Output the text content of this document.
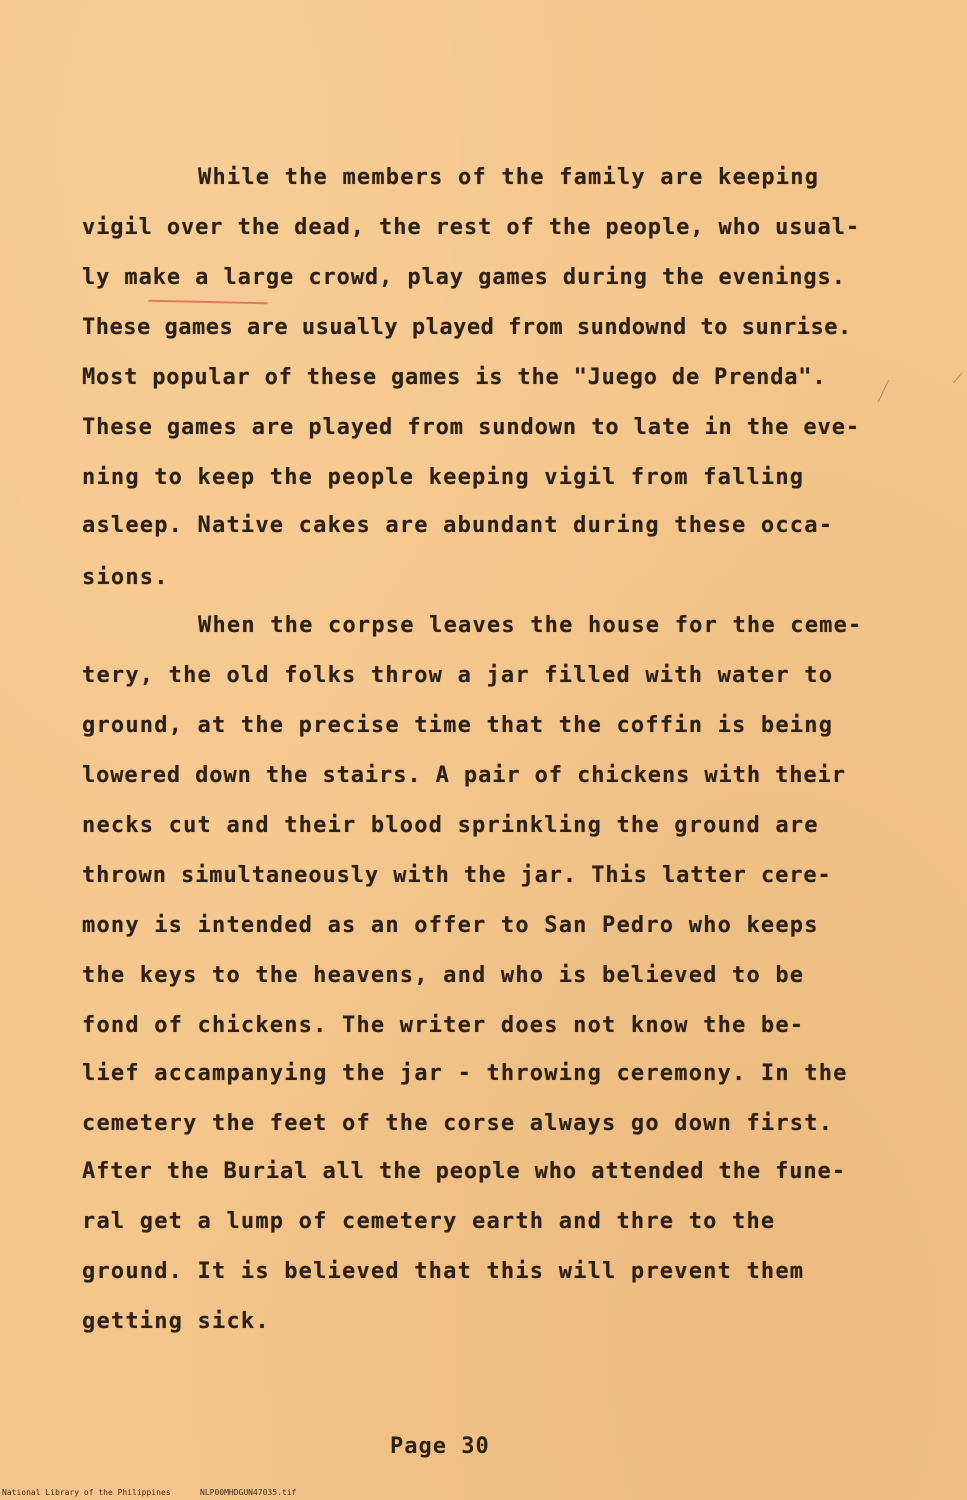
While the members of the family are keeping
vigil over the dead, the rest of the people, who usual-
ly make a large crowd, play games during the evenings.
These games are usually played from sundownd to sunrise.
Most popular of these games is the "Juego de Prenda".
These games are played from sundown to late in the eve-
ning to keep the people keeping vigil from falling
asleep. Native cakes are abundant during these occa-
sions.
When the corpse leaves the house for the ceme-
tery, the old folks throw a jar filled with water to
ground, at the precise time that the coffin is being
lowered down the stairs. A pair of chickens with their
necks cut and their blood sprinkling the ground are
thrown simultaneously with the jar. This latter cere-
mony is intended as an offer to San Pedro who keeps
the keys to the heavens, and who is believed to be
fond of chickens. The writer does not know the be-
lief accampanying the jar - throwing ceremony. In the
cemetery the feet of the corse always go down first.
After the Burial all the people who attended the fune-
ral get a lump of cemetery earth and thre to the
ground. It is believed that this will prevent them
getting sick.
Page 30
National Library of the Philippines	NLP00MHDGUN47035.tif
